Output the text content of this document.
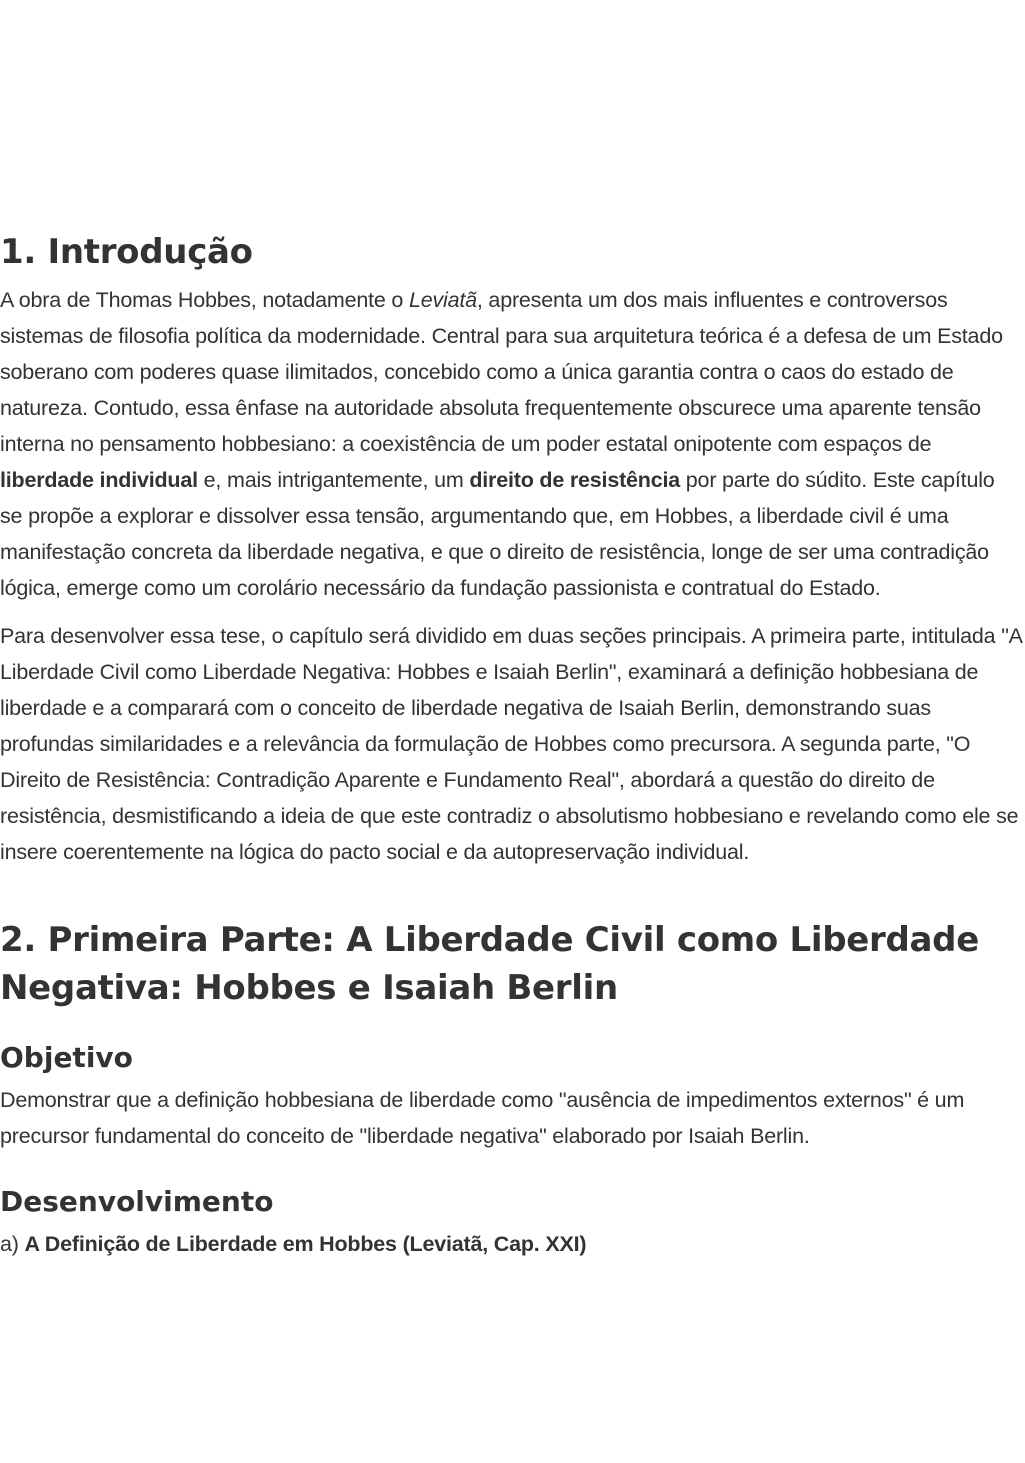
1. Introdução

A obra de Thomas Hobbes, notadamente o Leviatã, apresenta um dos mais influentes e controversos sistemas de filosofia política da modernidade. Central para sua arquitetura teórica é a defesa de um Estado soberano com poderes quase ilimitados, concebido como a única garantia contra o caos do estado de natureza. Contudo, essa ênfase na autoridade absoluta frequentemente obscurece uma aparente tensão interna no pensamento hobbesiano: a coexistência de um poder estatal onipotente com espaços de liberdade individual e, mais intrigantemente, um direito de resistência por parte do súdito. Este capítulo se propõe a explorar e dissolver essa tensão, argumentando que, em Hobbes, a liberdade civil é uma manifestação concreta da liberdade negativa, e que o direito de resistência, longe de ser uma contradição lógica, emerge como um corolário necessário da fundação passionista e contratual do Estado.

Para desenvolver essa tese, o capítulo será dividido em duas seções principais. A primeira parte, intitulada "A Liberdade Civil como Liberdade Negativa: Hobbes e Isaiah Berlin", examinará a definição hobbesiana de liberdade e a comparará com o conceito de liberdade negativa de Isaiah Berlin, demonstrando suas profundas similaridades e a relevância da formulação de Hobbes como precursora. A segunda parte, "O Direito de Resistência: Contradição Aparente e Fundamento Real", abordará a questão do direito de resistência, desmistificando a ideia de que este contradiz o absolutismo hobbesiano e revelando como ele se insere coerentemente na lógica do pacto social e da autopreservação individual.

2. Primeira Parte: A Liberdade Civil como Liberdade Negativa: Hobbes e Isaiah Berlin
Objetivo

Demonstrar que a definição hobbesiana de liberdade como "ausência de impedimentos externos" é um precursor fundamental do conceito de "liberdade negativa" elaborado por Isaiah Berlin.

Desenvolvimento

a) A Definição de Liberdade em Hobbes (Leviatã, Cap. XXI)
